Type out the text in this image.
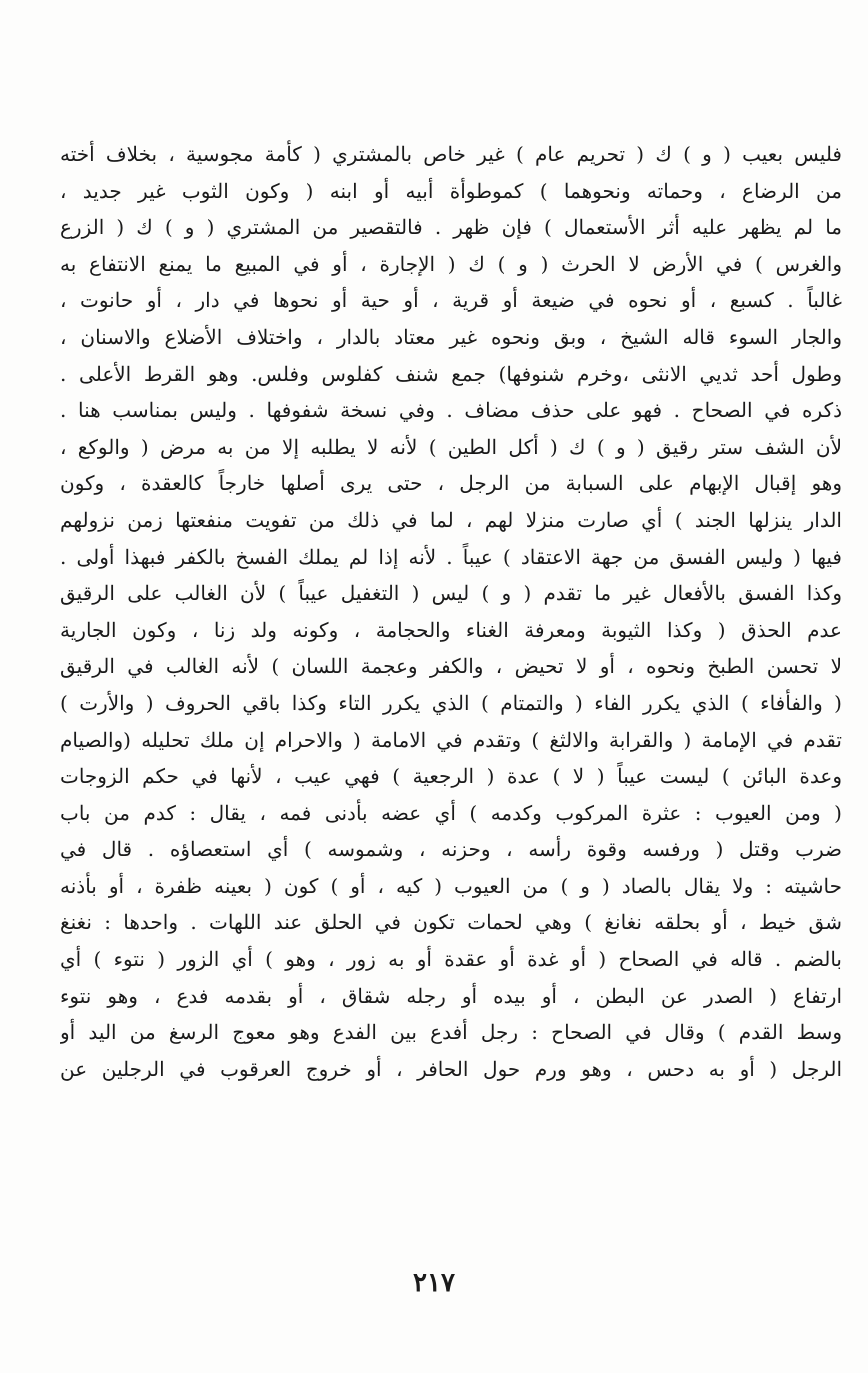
فليس بعيب ( و ) ك ( تحريم عام ) غير خاص بالمشتري ( كأمة مجوسية ، بخلاف أخته
من الرضاع ، وحماته ونحوهما ) كموطوأة أبيه أو ابنه ( وكون الثوب غير جديد ،
ما لم يظهر عليه أثر الأستعمال ) فإن ظهر . فالتقصير من المشتري ( و ) ك ( الزرع
والغرس ) في الأرض لا الحرث ( و ) ك ( الإجارة ، أو في المبيع ما يمنع الانتفاع به
غالباً . كسبع ، أو نحوه في ضيعة أو قرية ، أو حية أو نحوها في دار ، أو حانوت ،
والجار السوء قاله الشيخ ، وبق ونحوه غير معتاد بالدار ، واختلاف الأضلاع والاسنان ،
وطول أحد ثديي الانثى ،وخرم شنوفها) جمع شنف كفلوس وفلس. وهو القرط الأعلى .
ذكره في الصحاح . فهو على حذف مضاف . وفي نسخة شفوفها . وليس بمناسب هنا .
لأن الشف ستر رقيق ( و ) ك ( أكل الطين ) لأنه لا يطلبه إلا من به مرض ( والوكع ،
وهو إقبال الإبهام على السبابة من الرجل ، حتى يرى أصلها خارجاً كالعقدة ، وكون
الدار ينزلها الجند ) أي صارت منزلا لهم ، لما في ذلك من تفويت منفعتها زمن نزولهم
فيها ( وليس الفسق من جهة الاعتقاد ) عيباً . لأنه إذا لم يملك الفسخ بالكفر فبهذا أولى .
وكذا الفسق بالأفعال غير ما تقدم ( و ) ليس ( التغفيل عيباً ) لأن الغالب على الرقيق
عدم الحذق ( وكذا الثيوبة ومعرفة الغناء والحجامة ، وكونه ولد زنا ، وكون الجارية
لا تحسن الطبخ ونحوه ، أو لا تحيض ، والكفر وعجمة اللسان ) لأنه الغالب في الرقيق
( والفأفاء ) الذي يكرر الفاء ( والتمتام ) الذي يكرر التاء وكذا باقي الحروف ( والأرت )
تقدم في الإمامة ( والقرابة والالثغ ) وتقدم في الامامة ( والاحرام إن ملك تحليله (والصيام
وعدة البائن ) ليست عيباً ( لا ) عدة ( الرجعية ) فهي عيب ، لأنها في حكم الزوجات
( ومن العيوب : عثرة المركوب وكدمه ) أي عضه بأدنى فمه ، يقال : كدم من باب
ضرب وقتل ( ورفسه وقوة رأسه ، وحزنه ، وشموسه ) أي استعصاؤه . قال في
حاشيته : ولا يقال بالصاد ( و ) من العيوب ( كيه ، أو ) كون ( بعينه ظفرة ، أو بأذنه
شق خيط ، أو بحلقه نغانغ ) وهي لحمات تكون في الحلق عند اللهات . واحدها : نغنغ
بالضم . قاله في الصحاح ( أو غدة أو عقدة أو به زور ، وهو ) أي الزور ( نتوء ) أي
ارتفاع ( الصدر عن البطن ، أو بيده أو رجله شقاق ، أو بقدمه فدع ، وهو نتوء
وسط القدم ) وقال في الصحاح : رجل أفدع بين الفدع وهو معوج الرسغ من اليد أو
الرجل ( أو به دحس ، وهو ورم حول الحافر ، أو خروج العرقوب في الرجلين عن
٢١٧
